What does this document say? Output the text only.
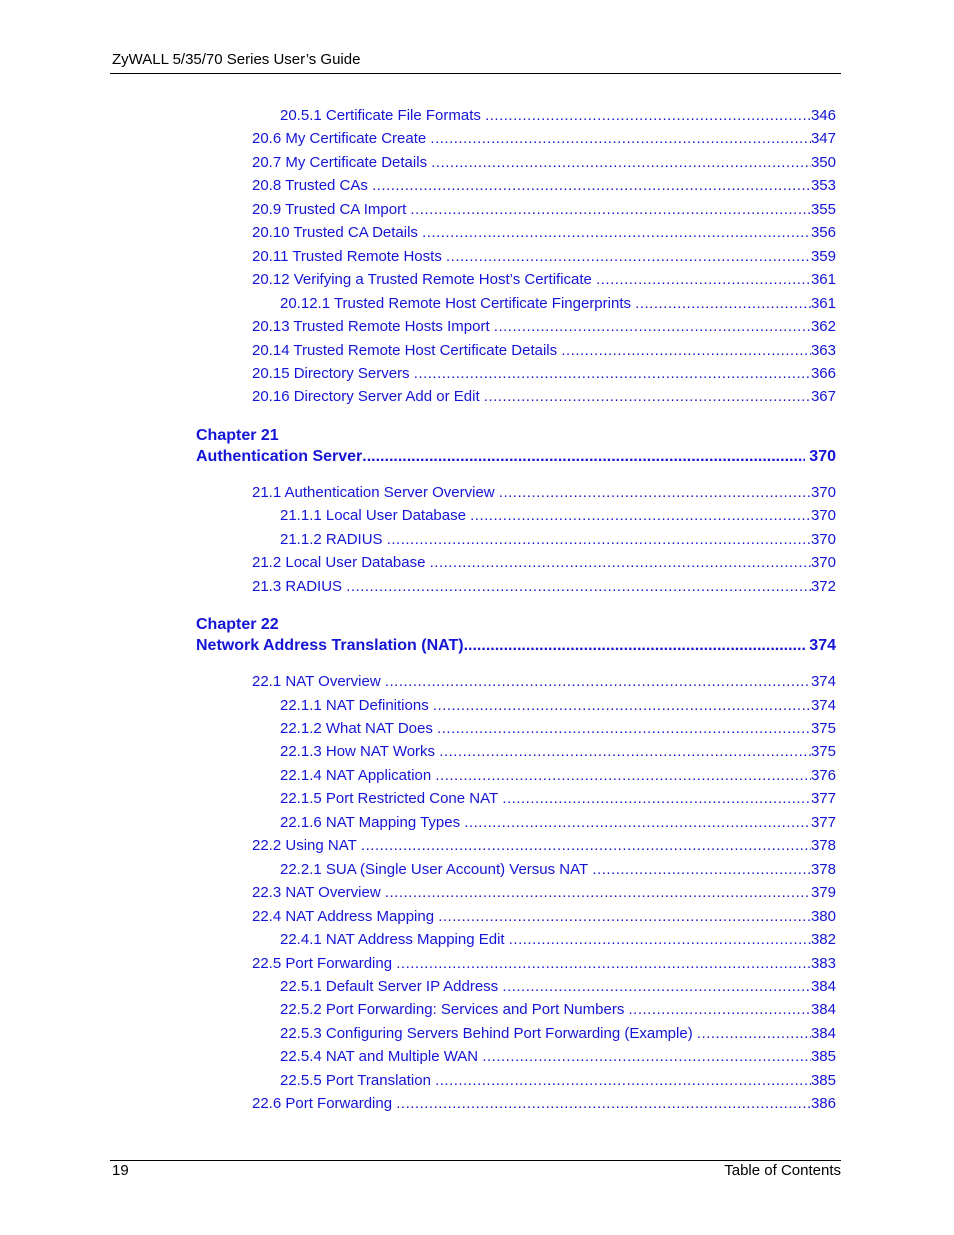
ZyWALL 5/35/70 Series User’s Guide
20.5.1 Certificate File Formats .....	346
20.6 My Certificate Create .....	347
20.7 My Certificate Details .....	350
20.8 Trusted CAs .....	353
20.9 Trusted CA Import .....	355
20.10 Trusted CA Details .....	356
20.11 Trusted Remote Hosts .....	359
20.12 Verifying a Trusted Remote Host’s Certificate .....	361
20.12.1 Trusted Remote Host Certificate Fingerprints .....	361
20.13 Trusted Remote Hosts Import .....	362
20.14 Trusted Remote Host Certificate Details .....	363
20.15 Directory Servers .....	366
20.16 Directory Server Add or Edit .....	367
Chapter 21
Authentication Server .....	370
21.1 Authentication Server Overview .....	370
21.1.1 Local User Database .....	370
21.1.2 RADIUS .....	370
21.2 Local User Database .....	370
21.3 RADIUS .....	372
Chapter 22
Network Address Translation (NAT) .....	374
22.1 NAT Overview .....	374
22.1.1 NAT Definitions .....	374
22.1.2 What NAT Does .....	375
22.1.3 How NAT Works .....	375
22.1.4 NAT Application .....	376
22.1.5 Port Restricted Cone NAT .....	377
22.1.6 NAT Mapping Types .....	377
22.2 Using NAT .....	378
22.2.1 SUA (Single User Account) Versus NAT .....	378
22.3 NAT Overview .....	379
22.4 NAT Address Mapping .....	380
22.4.1 NAT Address Mapping Edit .....	382
22.5 Port Forwarding .....	383
22.5.1 Default Server IP Address .....	384
22.5.2 Port Forwarding: Services and Port Numbers .....	384
22.5.3 Configuring Servers Behind Port Forwarding (Example) .....	384
22.5.4 NAT and Multiple WAN .....	385
22.5.5 Port Translation .....	385
22.6 Port Forwarding .....	386
19	Table of Contents
